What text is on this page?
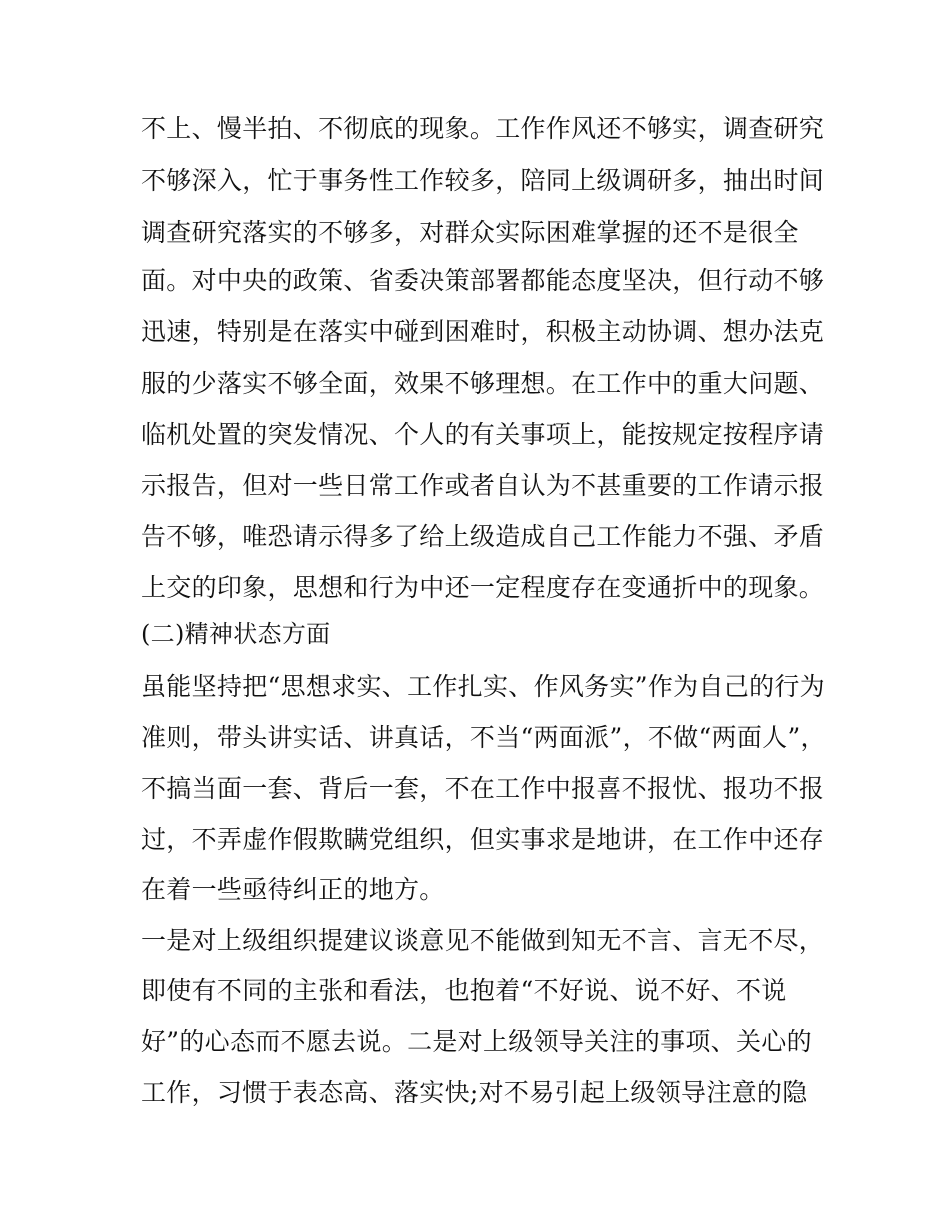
不上、慢半拍、不彻底的现象。工作作风还不够实，调查研究
不够深入，忙于事务性工作较多，陪同上级调研多，抽出时间
调查研究落实的不够多，对群众实际困难掌握的还不是很全
面。对中央的政策、省委决策部署都能态度坚决，但行动不够
迅速，特别是在落实中碰到困难时，积极主动协调、想办法克
服的少落实不够全面，效果不够理想。在工作中的重大问题、
临机处置的突发情况、个人的有关事项上，能按规定按程序请
示报告，但对一些日常工作或者自认为不甚重要的工作请示报
告不够，唯恐请示得多了给上级造成自己工作能力不强、矛盾
上交的印象，思想和行为中还一定程度存在变通折中的现象。
(二)精神状态方面
虽能坚持把“思想求实、工作扎实、作风务实”作为自己的行为
准则，带头讲实话、讲真话，不当“两面派”，不做“两面人”，
不搞当面一套、背后一套，不在工作中报喜不报忧、报功不报
过，不弄虚作假欺瞒党组织，但实事求是地讲，在工作中还存
在着一些亟待纠正的地方。
一是对上级组织提建议谈意见不能做到知无不言、言无不尽，
即使有不同的主张和看法，也抱着“不好说、说不好、不说
好”的心态而不愿去说。二是对上级领导关注的事项、关心的
工作，习惯于表态高、落实快;对不易引起上级领导注意的隐
